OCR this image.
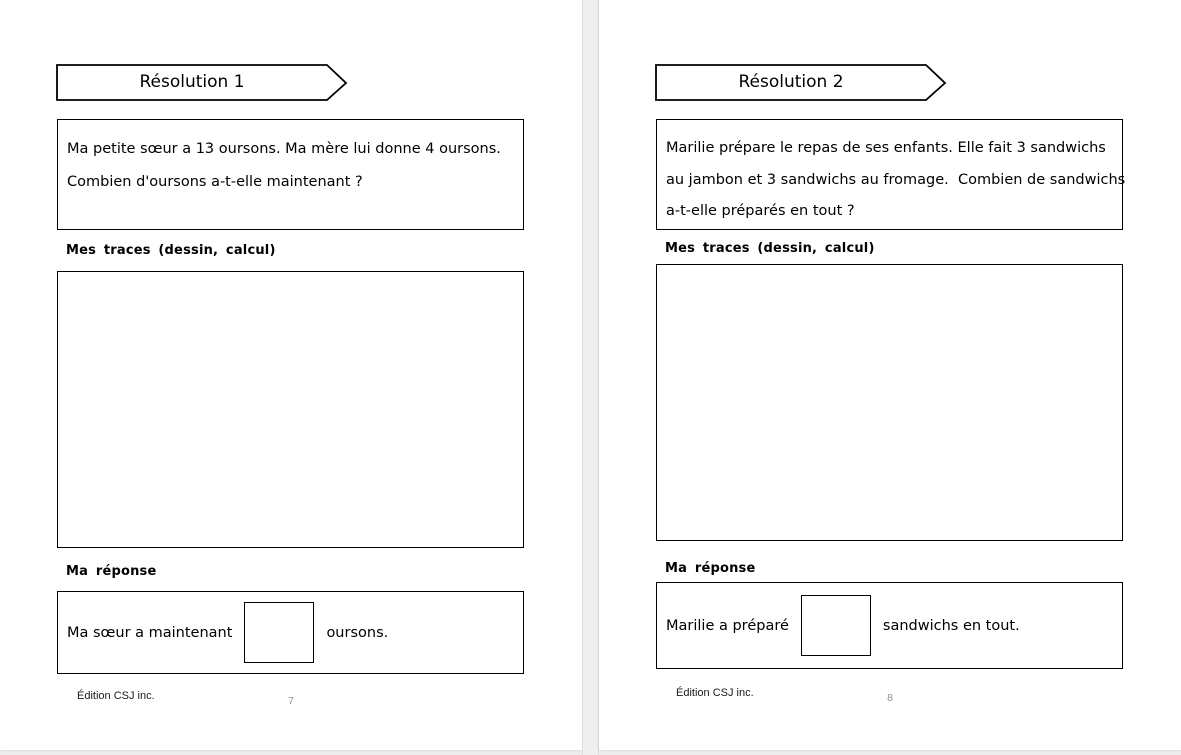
Résolution 1
Ma petite sœur a 13 oursons. Ma mère lui donne 4 oursons.
Combien d'oursons a-t-elle maintenant ?
Mes traces (dessin, calcul)
Ma réponse
Ma sœur a maintenant	oursons.
Édition CSJ inc.	7
Résolution 2
Marilie prépare le repas de ses enfants. Elle fait 3 sandwichs
au jambon et 3 sandwichs au fromage.  Combien de sandwichs
a-t-elle préparés en tout ?
Mes traces (dessin, calcul)
Ma réponse
Marilie a préparé	sandwichs en tout.
Édition CSJ inc.	8
